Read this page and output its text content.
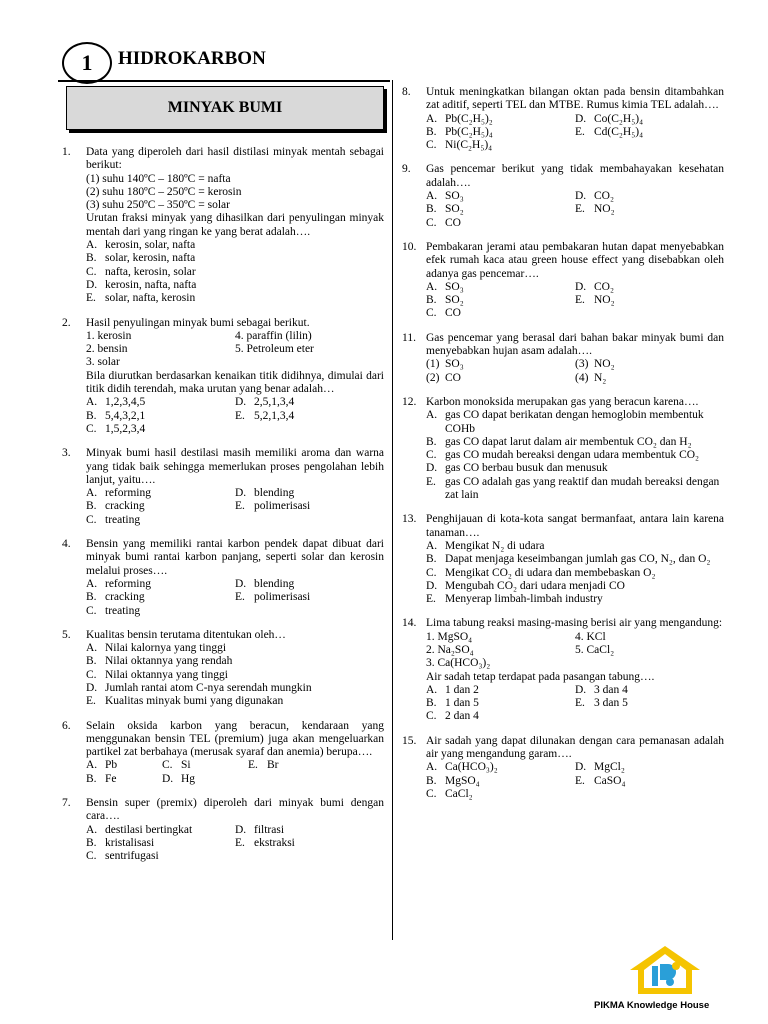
1	HIDROKARBON
MINYAK BUMI
1.	Data yang diperoleh dari hasil distilasi minyak mentah sebagai berikut:
(1) suhu 140ºC – 180ºC = nafta
(2) suhu 180ºC – 250ºC = kerosin
(3) suhu 250ºC – 350ºC = solar
Urutan fraksi minyak yang dihasilkan dari penyulingan minyak mentah dari yang ringan ke yang berat adalah….
A. kerosin, solar, nafta
B. solar, kerosin, nafta
C. nafta, kerosin, solar
D. kerosin, nafta, nafta
E. solar, nafta, kerosin
2.	Hasil penyulingan minyak bumi sebagai berikut.
1. kerosin	4. paraffin (lilin)
2. bensin	5. Petroleum eter
3. solar
Bila diurutkan berdasarkan kenaikan titik didihnya, dimulai dari titik didih terendah, maka urutan yang benar adalah…
A. 1,2,3,4,5	D. 2,5,1,3,4
B. 5,4,3,2,1	E. 5,2,1,3,4
C. 1,5,2,3,4
3.	Minyak bumi hasil destilasi masih memiliki aroma dan warna yang tidak baik sehingga memerlukan proses pengolahan lebih lanjut, yaitu….
A. reforming	D. blending
B. cracking	E. polimerisasi
C. treating
4.	Bensin yang memiliki rantai karbon pendek dapat dibuat dari minyak bumi rantai karbon panjang, seperti solar dan kerosin melalui proses….
A. reforming	D. blending
B. cracking	E. polimerisasi
C. treating
5.	Kualitas bensin terutama ditentukan oleh…
A. Nilai kalornya yang tinggi
B. Nilai oktannya yang rendah
C. Nilai oktannya yang tinggi
D. Jumlah rantai atom C-nya serendah mungkin
E. Kualitas minyak bumi yang digunakan
6.	Selain oksida karbon yang beracun, kendaraan yang menggunakan bensin TEL (premium) juga akan mengeluarkan partikel zat berbahaya (merusak syaraf dan anemia) berupa….
A. Pb	C. Si	E. Br
B. Fe	D. Hg
7.	Bensin super (premix) diperoleh dari minyak bumi dengan cara….
A. destilasi bertingkat	D. filtrasi
B. kristalisasi	E. ekstraksi
C. sentrifugasi
8.	Untuk meningkatkan bilangan oktan pada bensin ditambahkan zat aditif, seperti TEL dan MTBE. Rumus kimia TEL adalah….
A. Pb(C₂H₅)₂	D. Co(C₂H₅)₄
B. Pb(C₂H₅)₄	E. Cd(C₂H₅)₄
C. Ni(C₂H₅)₄
9.	Gas pencemar berikut yang tidak membahayakan kesehatan adalah….
A. SO₃	D. CO₂
B. SO₂	E. NO₂
C. CO
10. Pembakaran jerami atau pembakaran hutan dapat menyebabkan efek rumah kaca atau green house effect yang disebabkan oleh adanya gas pencemar….
A. SO₃	D. CO₂
B. SO₂	E. NO₂
C. CO
11. Gas pencemar yang berasal dari bahan bakar minyak bumi dan menyebabkan hujan asam adalah….
(1) SO₃	(3) NO₂
(2) CO	(4) N₂
12. Karbon monoksida merupakan gas yang beracun karena….
A. gas CO dapat berikatan dengan hemoglobin membentuk COHb
B. gas CO dapat larut dalam air membentuk CO₂ dan H₂
C. gas CO mudah bereaksi dengan udara membentuk CO₂
D. gas CO berbau busuk dan menusuk
E. gas CO adalah gas yang reaktif dan mudah bereaksi dengan zat lain
13. Penghijauan di kota-kota sangat bermanfaat, antara lain karena tanaman….
A. Mengikat N₂ di udara
B. Dapat menjaga keseimbangan jumlah gas CO, N₂, dan O₂
C. Mengikat CO₂ di udara dan membebaskan O₂
D. Mengubah CO₂ dari udara menjadi CO
E. Menyerap limbah-limbah industry
14. Lima tabung reaksi masing-masing berisi air yang mengandung:
1. MgSO₄	4. KCl
2. Na₂SO₄	5. CaCl₂
3. Ca(HCO₃)₂
Air sadah tetap terdapat pada pasangan tabung….
A. 1 dan 2	D. 3 dan 4
B. 1 dan 5	E. 3 dan 5
C. 2 dan 4
15. Air sadah yang dapat dilunakan dengan cara pemanasan adalah air yang mengandung garam….
A. Ca(HCO₃)₂	D. MgCl₂
B. MgSO₄	E. CaSO₄
C. CaCl₂
PIKMA Knowledge House
